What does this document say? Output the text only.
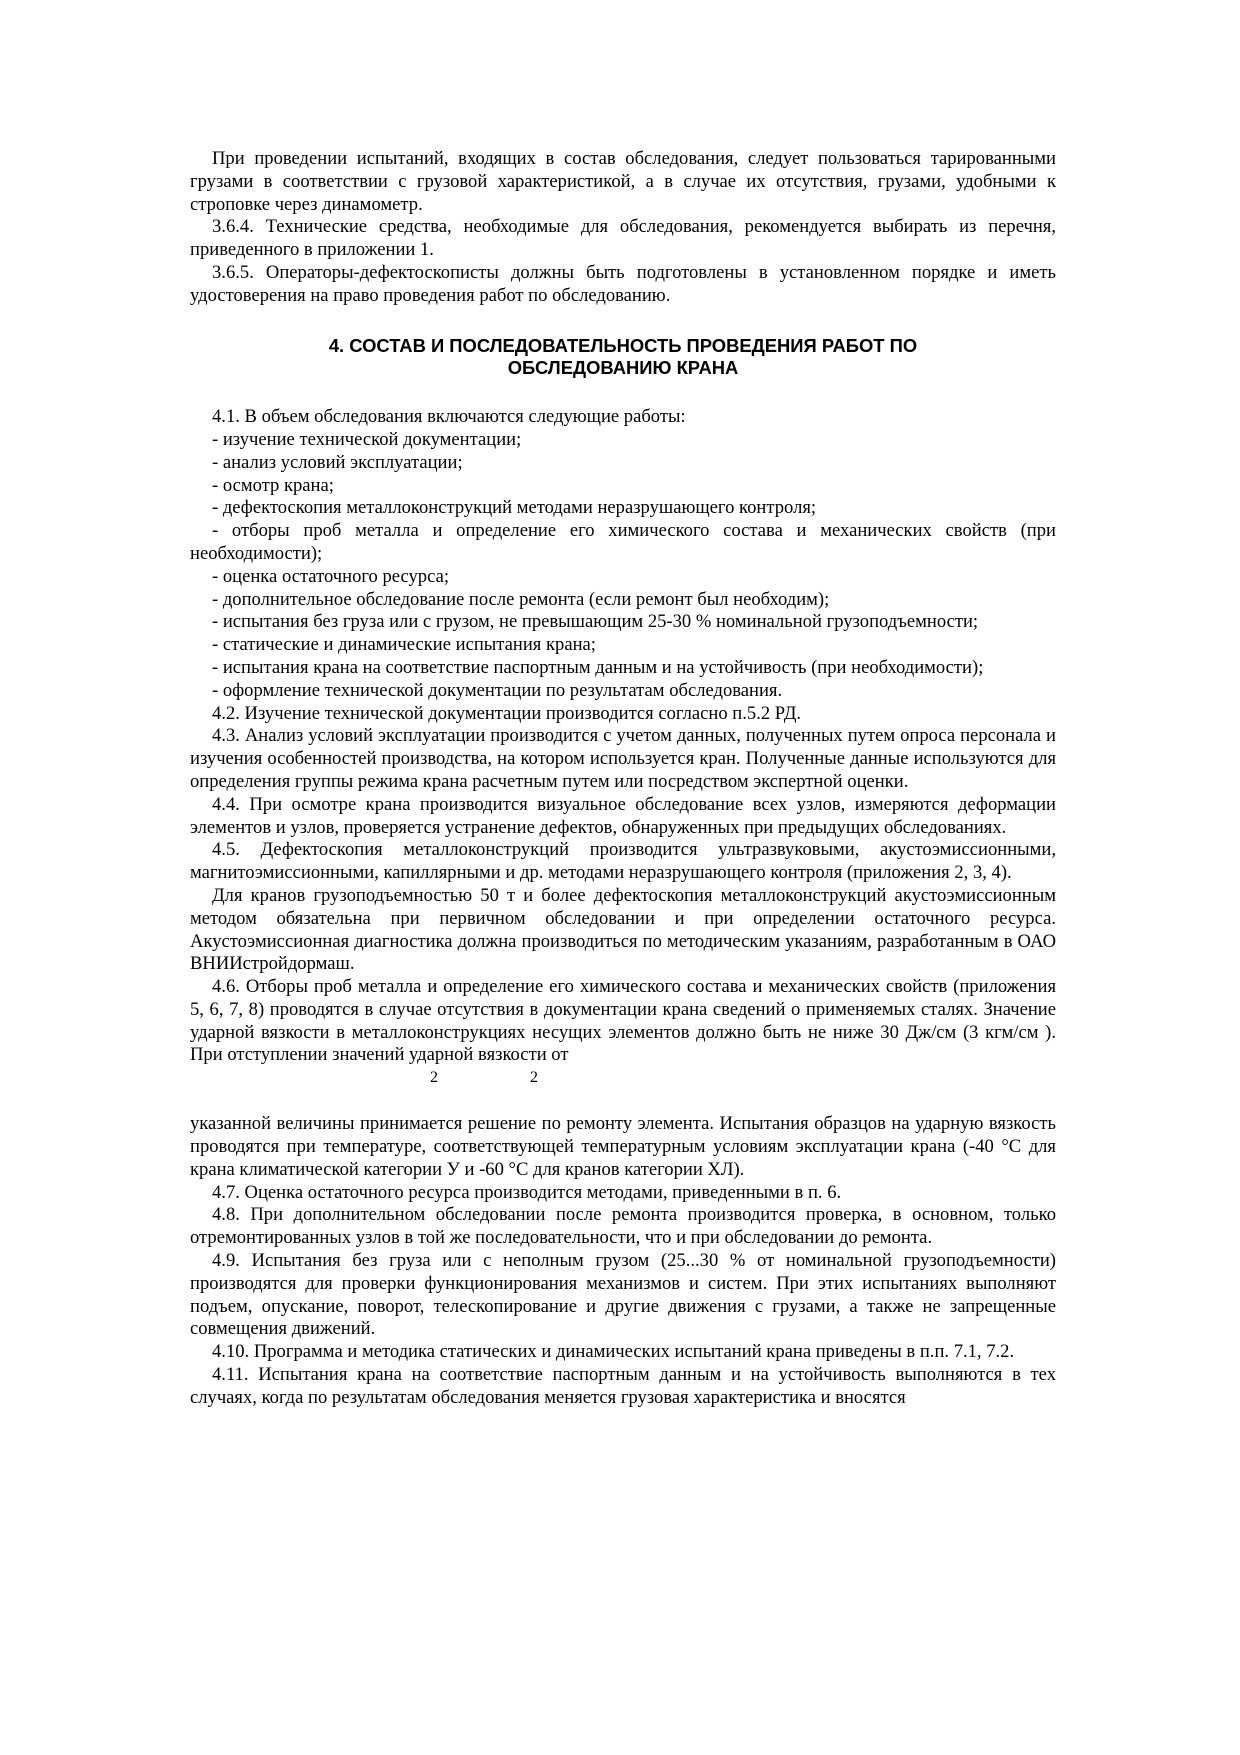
При проведении испытаний, входящих в состав обследования, следует пользоваться тарированными грузами в соответствии с грузовой характеристикой, а в случае их отсутствия, грузами, удобными к строповке через динамометр.

3.6.4. Технические средства, необходимые для обследования, рекомендуется выбирать из перечня, приведенного в приложении 1.

3.6.5. Операторы-дефектоскописты должны быть подготовлены в установленном порядке и иметь удостоверения на право проведения работ по обследованию.

4. СОСТАВ И ПОСЛЕДОВАТЕЛЬНОСТЬ ПРОВЕДЕНИЯ РАБОТ ПО
ОБСЛЕДОВАНИЮ КРАНА

4.1. В объем обследования включаются следующие работы:

- изучение технической документации;

- анализ условий эксплуатации;

- осмотр крана;

- дефектоскопия металлоконструкций методами неразрушающего контроля;

- отборы проб металла и определение его химического состава и механических свойств (при необходимости);

- оценка остаточного ресурса;

- дополнительное обследование после ремонта (если ремонт был необходим);

- испытания без груза или с грузом, не превышающим 25-30 % номинальной грузоподъемности;

- статические и динамические испытания крана;

- испытания крана на соответствие паспортным данным и на устойчивость (при необходимости);

- оформление технической документации по результатам обследования.

4.2. Изучение технической документации производится согласно п.5.2 РД.

4.3. Анализ условий эксплуатации производится с учетом данных, полученных путем опроса персонала и изучения особенностей производства, на котором используется кран. Полученные данные используются для определения группы режима крана расчетным путем или посредством экспертной оценки.

4.4. При осмотре крана производится визуальное обследование всех узлов, измеряются деформации элементов и узлов, проверяется устранение дефектов, обнаруженных при предыдущих обследованиях.

4.5. Дефектоскопия металлоконструкций производится ультразвуковыми, акустоэмиссионными, магнитоэмиссионными, капиллярными и др. методами неразрушающего контроля (приложения 2, 3, 4).

Для кранов грузоподъемностью 50 т и более дефектоскопия металлоконструкций акустоэмиссионным методом обязательна при первичном обследовании и при определении остаточного ресурса. Акустоэмиссионная диагностика должна производиться по методическим указаниям, разработанным в ОАО ВНИИстройдормаш.

4.6. Отборы проб металла и определение его химического состава и механических свойств (приложения 5, 6, 7, 8) проводятся в случае отсутствия в документации крана сведений о применяемых сталях. Значение ударной вязкости в металлоконструкциях несущих элементов должно быть не ниже 30 Дж/см (3 кгм/см ). При отступлении значений ударной вязкости от

2	2

указанной величины принимается решение по ремонту элемента. Испытания образцов на ударную вязкость проводятся при температуре, соответствующей температурным условиям эксплуатации крана (-40 °С для крана климатической категории У и -60 °С для кранов категории ХЛ).

4.7. Оценка остаточного ресурса производится методами, приведенными в п. 6.

4.8. При дополнительном обследовании после ремонта производится проверка, в основном, только отремонтированных узлов в той же последовательности, что и при обследовании до ремонта.

4.9. Испытания без груза или с неполным грузом (25...30 % от номинальной грузоподъемности) производятся для проверки функционирования механизмов и систем. При этих испытаниях выполняют подъем, опускание, поворот, телескопирование и другие движения с грузами, а также не запрещенные совмещения движений.

4.10. Программа и методика статических и динамических испытаний крана приведены в п.п. 7.1, 7.2.

4.11. Испытания крана на соответствие паспортным данным и на устойчивость выполняются в тех случаях, когда по результатам обследования меняется грузовая характеристика и вносятся
